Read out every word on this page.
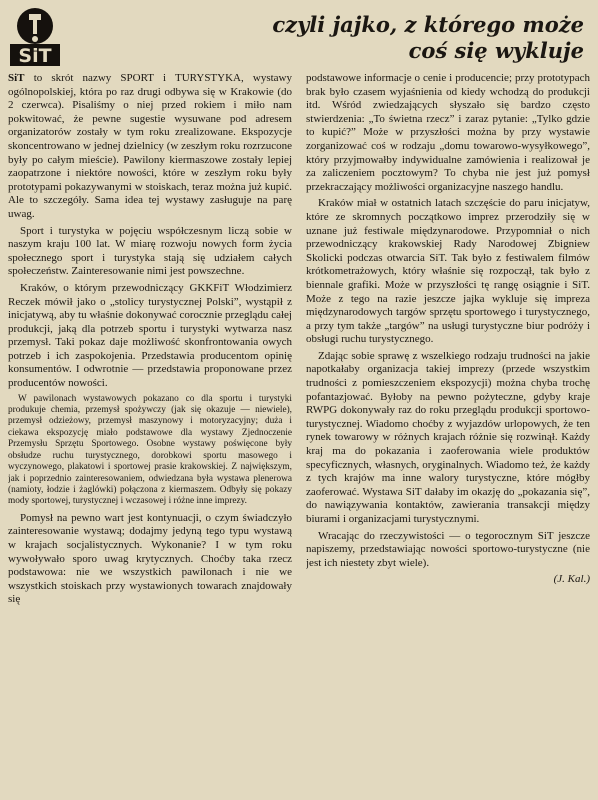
SiT
czyli jajko, z którego może
coś się wykluje

SiT to skrót nazwy SPORT i TURYSTYKA, wystawy ogólnopolskiej, która po raz drugi odbywa się w Krakowie (do 2 czerwca). Pisaliśmy o niej przed rokiem i miło nam pokwitować, że pewne sugestie wysuwane pod adresem organizatorów zostały w tym roku zrealizowane. Ekspozycje skoncentrowano w jednej dzielnicy (w zeszłym roku rozrzucone były po całym mieście). Pawilony kiermaszowe zostały lepiej zaopatrzone i niektóre nowości, które w zeszłym roku były prototypami pokazywanymi w stoiskach, teraz można już kupić. Ale to szczegóły. Sama idea tej wystawy zasługuje na parę uwag.

Sport i turystyka w pojęciu współczesnym liczą sobie w naszym kraju 100 lat. W miarę rozwoju nowych form życia społecznego sport i turystyka stają się udziałem całych społeczeństw. Zainteresowanie nimi jest powszechne.

Kraków, o którym przewodniczący GKKFiT Włodzimierz Reczek mówił jako o „stolicy turystycznej Polski”, wystąpił z inicjatywą, aby tu właśnie dokonywać corocznie przeglądu całej produkcji, jaką dla potrzeb sportu i turystyki wytwarza nasz przemysł. Taki pokaz daje możliwość skonfrontowania owych potrzeb i ich zaspokojenia. Przedstawia producentom opinię konsumentów. I odwrotnie — przedstawia proponowane przez producentów nowości.

W pawilonach wystawowych pokazano co dla sportu i turystyki produkuje chemia, przemysł spożywczy (jak się okazuje — niewiele), przemysł odzieżowy, przemysł maszynowy i motoryzacyjny; duża i ciekawa ekspozycję miało podstawowe dla wystawy Zjednoczenie Przemysłu Sprzętu Sportowego. Osobne wystawy poświęcone były obsłudze ruchu turystycznego, dorobkowi sportu masowego i wyczynowego, plakatowi i sportowej prasie krakowskiej. Z największym, jak i poprzednio zainteresowaniem, odwiedzana była wystawa plenerowa (namioty, łodzie i żaglówki) połączona z kiermaszem. Odbyły się pokazy mody sportowej, turystycznej i wczasowej i różne inne imprezy.

Pomysł na pewno wart jest kontynuacji, o czym świadczyło zainteresowanie wystawą; dodajmy jedyną tego typu wystawą w krajach socjalistycznych. Wykonanie? I w tym roku wywoływało sporo uwag krytycznych. Choćby taka rzecz podstawowa: nie we wszystkich pawilonach i nie we wszystkich stoiskach przy wystawionych towarach znajdowały się

podstawowe informacje o cenie i producencie; przy prototypach brak było czasem wyjaśnienia od kiedy wchodzą do produkcji itd. Wśród zwiedzających słyszało się bardzo często stwierdzenia: „To świetna rzecz” i zaraz pytanie: „Tylko gdzie to kupić?” Może w przyszłości można by przy wystawie zorganizować coś w rodzaju „domu towarowo-wysyłkowego”, który przyjmowałby indywidualne zamówienia i realizował je za zaliczeniem pocztowym? To chyba nie jest już pomysł przekraczający możliwości organizacyjne naszego handlu.

Kraków miał w ostatnich latach szczęście do paru inicjatyw, które ze skromnych początkowo imprez przerodziły się w uznane już festiwale międzynarodowe. Przypomniał o nich przewodniczący krakowskiej Rady Narodowej Zbigniew Skolicki podczas otwarcia SiT. Tak było z festiwalem filmów krótkometrażowych, który właśnie się rozpoczął, tak było z biennale grafiki. Może w przyszłości tę rangę osiągnie i SiT. Może z tego na razie jeszcze jajka wykluje się impreza międzynarodowych targów sprzętu sportowego i turystycznego, a przy tym także „targów” na usługi turystyczne biur podróży i obsługi ruchu turystycznego.

Zdając sobie sprawę z wszelkiego rodzaju trudności na jakie napotkałaby organizacja takiej imprezy (przede wszystkim trudności z pomieszczeniem ekspozycji) można chyba trochę pofantazjować. Byłoby na pewno pożyteczne, gdyby kraje RWPG dokonywały raz do roku przeglądu produkcji sportowo-turystycznej. Wiadomo choćby z wyjazdów urlopowych, że ten rynek towarowy w różnych krajach różnie się rozwinął. Każdy kraj ma do pokazania i zaoferowania wiele produktów specyficznych, własnych, oryginalnych. Wiadomo też, że każdy z tych krajów ma inne walory turystyczne, które mógłby zaoferować. Wystawa SiT dałaby im okazję do „pokazania się”, do nawiązywania kontaktów, zawierania transakcji między biurami i organizacjami turystycznymi.

Wracając do rzeczywistości — o tegorocznym SiT jeszcze napiszemy, przedstawiając nowości sportowo-turystyczne (nie jest ich niestety zbyt wiele).

(J. Kal.)
